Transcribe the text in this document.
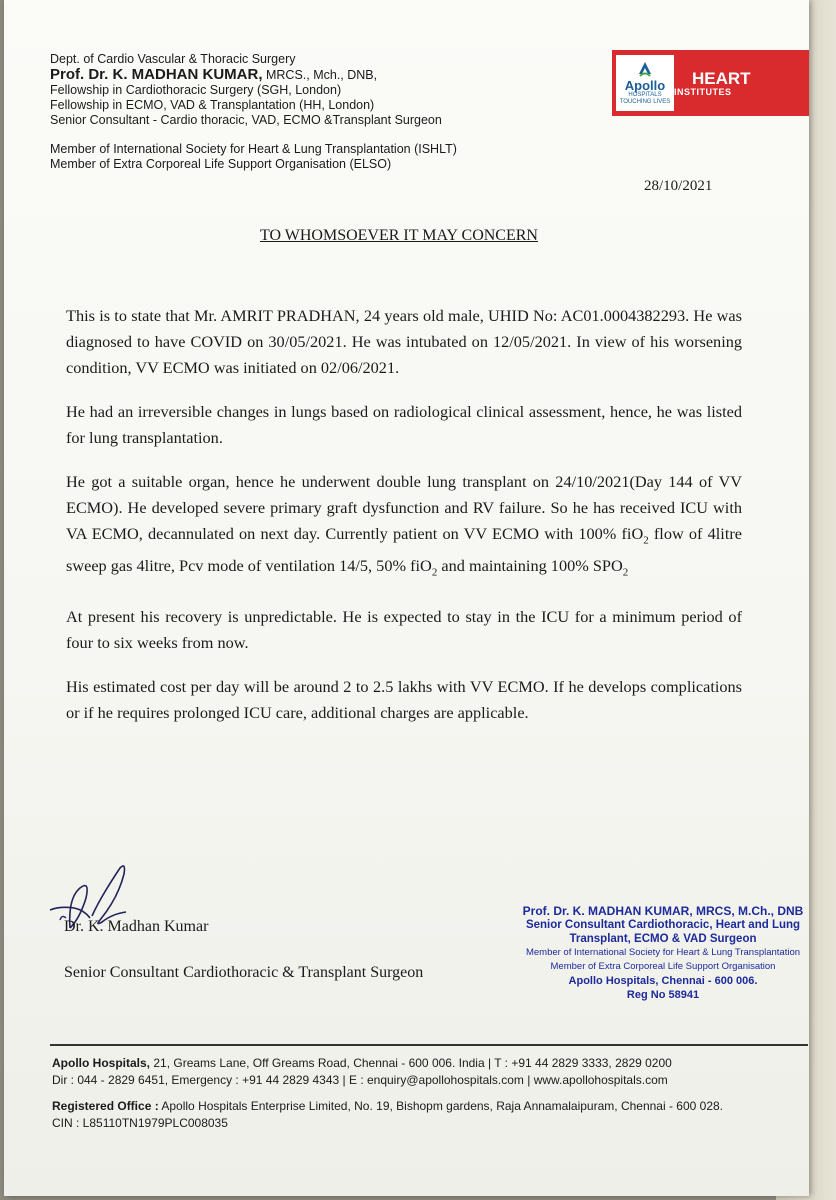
Dept. of Cardio Vascular & Thoracic Surgery
Prof. Dr. K. MADHAN KUMAR, MRCS., Mch., DNB,
Fellowship in Cardiothoracic Surgery (SGH, London)
Fellowship in ECMO, VAD & Transplantation (HH, London)
Senior Consultant - Cardio thoracic, VAD, ECMO &Transplant Surgeon
Member of International Society for Heart & Lung Transplantation (ISHLT)
Member of Extra Corporeal Life Support Organisation (ELSO)
Apollo
HOSPITALS
TOUCHING LIVES
HEART
INSTITUTES
28/10/2021
TO WHOMSOEVER IT MAY CONCERN

This is to state that Mr. AMRIT PRADHAN, 24 years old male, UHID No: AC01.0004382293. He was diagnosed to have COVID on 30/05/2021. He was intubated on 12/05/2021. In view of his worsening condition, VV ECMO was initiated on 02/06/2021.

He had an irreversible changes in lungs based on radiological clinical assessment, hence, he was listed for lung transplantation.

He got a suitable organ, hence he underwent double lung transplant on 24/10/2021(Day 144 of VV ECMO). He developed severe primary graft dysfunction and RV failure. So he has received ICU with VA ECMO, decannulated on next day. Currently patient on VV ECMO with 100% fiO$_2$ flow of 4litre sweep gas 4litre, Pcv mode of ventilation 14/5, 50% fiO$_2$ and maintaining 100% $SPO_2$

At present his recovery is unpredictable. He is expected to stay in the ICU for a minimum period of four to six weeks from now.

His estimated cost per day will be around 2 to 2.5 lakhs with VV ECMO. If he develops complications or if he requires prolonged ICU care, additional charges are applicable.

Dr. K. Madhan Kumar
Senior Consultant Cardiothoracic & Transplant Surgeon
Prof. Dr. K. MADHAN KUMAR, MRCS, M.Ch., DNB
Senior Consultant Cardiothoracic, Heart and Lung
Transplant, ECMO & VAD Surgeon
Member of International Society for Heart & Lung Transplantation
Member of Extra Corporeal Life Support Organisation
Apollo Hospitals, Chennai - 600 006.
Reg No 58941
Apollo Hospitals, 21, Greams Lane, Off Greams Road, Chennai - 600 006. India | T : +91 44 2829 3333, 2829 0200
Dir : 044 - 2829 6451, Emergency : +91 44 2829 4343 | E : enquiry@apollohospitals.com | www.apollohospitals.com
Registered Office : Apollo Hospitals Enterprise Limited, No. 19, Bishopm gardens, Raja Annamalaipuram, Chennai - 600 028.
CIN : L85110TN1979PLC008035
